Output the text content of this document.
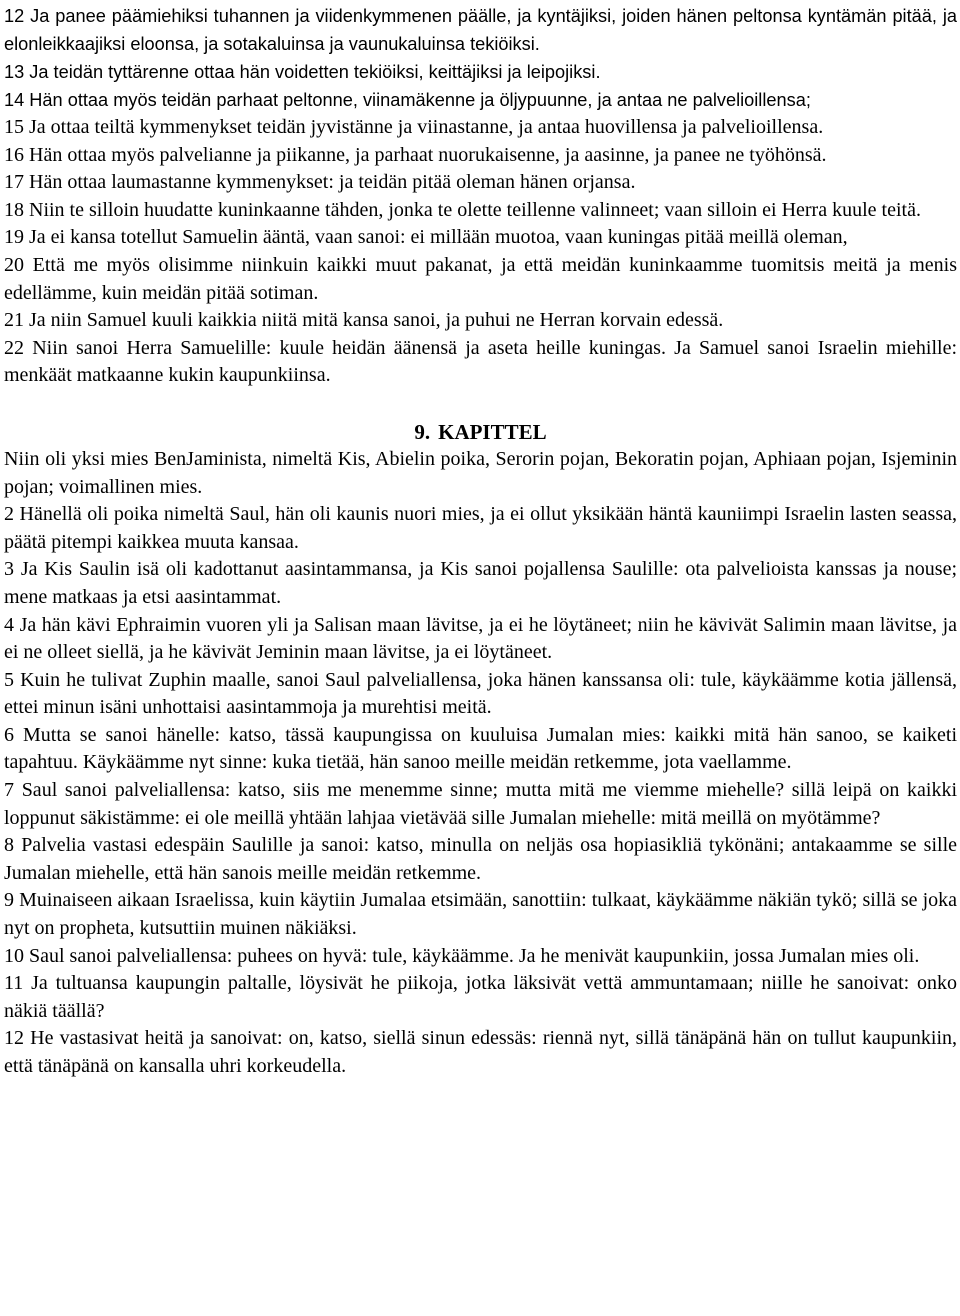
12 Ja panee päämiehiksi tuhannen ja viidenkymmenen päälle, ja kyntäjiksi, joiden hänen peltonsa kyntämän pitää, ja elonleikkaajiksi eloonsa, ja sotakaluinsa ja vaunukaluinsa tekiöiksi.

13 Ja teidän tyttärenne ottaa hän voidetten tekiöiksi, keittäjiksi ja leipojiksi.

14 Hän ottaa myös teidän parhaat peltonne, viinamäkenne ja öljypuunne, ja antaa ne palvelioillensa;

15 Ja ottaa teiltä kymmenykset teidän jyvistänne ja viinastanne, ja antaa huovillensa ja palvelioillensa.

16 Hän ottaa myös palvelianne ja piikanne, ja parhaat nuorukaisenne, ja aasinne, ja panee ne työhönsä.

17 Hän ottaa laumastanne kymmenykset: ja teidän pitää oleman hänen orjansa.

18 Niin te silloin huudatte kuninkaanne tähden, jonka te olette teillenne valinneet; vaan silloin ei Herra kuule teitä.

19 Ja ei kansa totellut Samuelin ääntä, vaan sanoi: ei millään muotoa, vaan kuningas pitää meillä oleman,

20 Että me myös olisimme niinkuin kaikki muut pakanat, ja että meidän kuninkaamme tuomitsis meitä ja menis edellämme, kuin meidän pitää sotiman.

21 Ja niin Samuel kuuli kaikkia niitä mitä kansa sanoi, ja puhui ne Herran korvain edessä.

22 Niin sanoi Herra Samuelille: kuule heidän äänensä ja aseta heille kuningas. Ja Samuel sanoi Israelin miehille: menkäät matkaanne kukin kaupunkiinsa.

9. KAPITTEL

Niin oli yksi mies BenJaminista, nimeltä Kis, Abielin poika, Serorin pojan, Bekoratin pojan, Aphiaan pojan, Isjeminin pojan; voimallinen mies.

2 Hänellä oli poika nimeltä Saul, hän oli kaunis nuori mies, ja ei ollut yksikään häntä kauniimpi Israelin lasten seassa, päätä pitempi kaikkea muuta kansaa.

3 Ja Kis Saulin isä oli kadottanut aasintammansa, ja Kis sanoi pojallensa Saulille: ota palvelioista kanssas ja nouse; mene matkaas ja etsi aasintammat.

4 Ja hän kävi Ephraimin vuoren yli ja Salisan maan lävitse, ja ei he löytäneet; niin he kävivät Salimin maan lävitse, ja ei ne olleet siellä, ja he kävivät Jeminin maan lävitse, ja ei löytäneet.

5 Kuin he tulivat Zuphin maalle, sanoi Saul palveliallensa, joka hänen kanssansa oli: tule, käykäämme kotia jällensä, ettei minun isäni unhottaisi aasintammoja ja murehtisi meitä.

6 Mutta se sanoi hänelle: katso, tässä kaupungissa on kuuluisa Jumalan mies: kaikki mitä hän sanoo, se kaiketi tapahtuu. Käykäämme nyt sinne: kuka tietää, hän sanoo meille meidän retkemme, jota vaellamme.

7 Saul sanoi palveliallensa: katso, siis me menemme sinne; mutta mitä me viemme miehelle? sillä leipä on kaikki loppunut säkistämme: ei ole meillä yhtään lahjaa vietävää sille Jumalan miehelle: mitä meillä on myötämme?

8 Palvelia vastasi edespäin Saulille ja sanoi: katso, minulla on neljäs osa hopiasikliä tykönäni; antakaamme se sille Jumalan miehelle, että hän sanois meille meidän retkemme.

9 Muinaiseen aikaan Israelissa, kuin käytiin Jumalaa etsimään, sanottiin: tulkaat, käykäämme näkiän tykö; sillä se joka nyt on propheta, kutsuttiin muinen näkiäksi.

10 Saul sanoi palveliallensa: puhees on hyvä: tule, käykäämme. Ja he menivät kaupunkiin, jossa Jumalan mies oli.

11 Ja tultuansa kaupungin paltalle, löysivät he piikoja, jotka läksivät vettä ammuntamaan; niille he sanoivat: onko näkiä täällä?

12 He vastasivat heitä ja sanoivat: on, katso, siellä sinun edessäs: riennä nyt, sillä tänäpänä hän on tullut kaupunkiin, että tänäpänä on kansalla uhri korkeudella.
